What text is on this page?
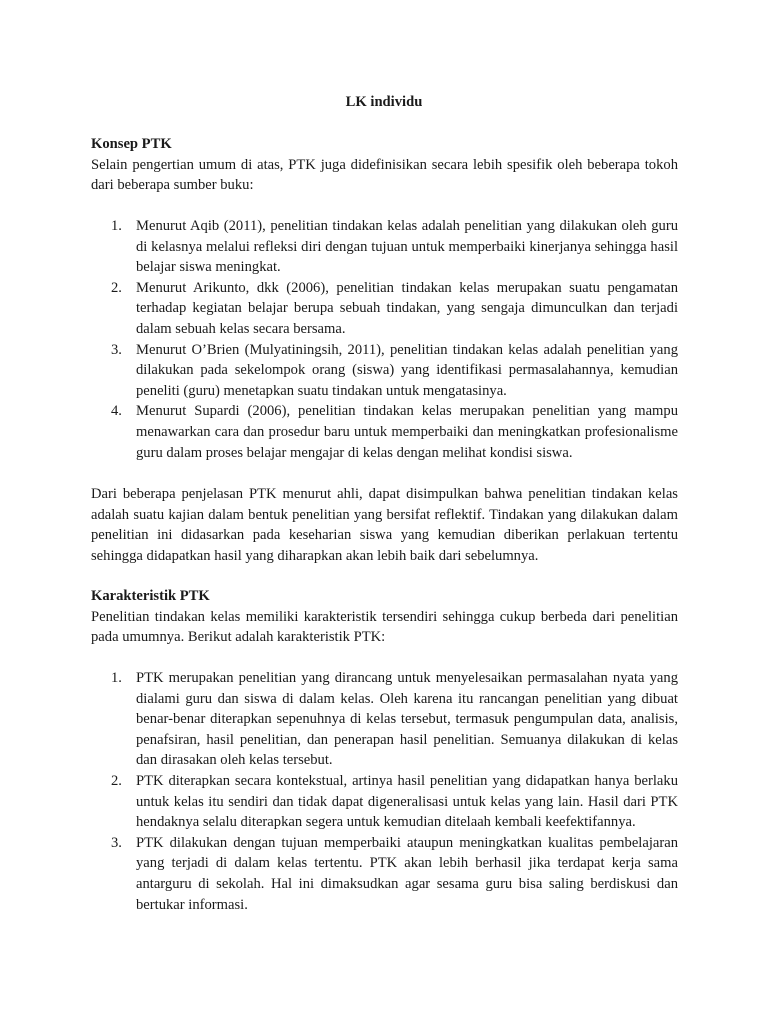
LK individu
Konsep PTK

Selain pengertian umum di atas, PTK juga didefinisikan secara lebih spesifik oleh beberapa tokoh dari beberapa sumber buku:

1. Menurut Aqib (2011), penelitian tindakan kelas adalah penelitian yang dilakukan oleh guru di kelasnya melalui refleksi diri dengan tujuan untuk memperbaiki kinerjanya sehingga hasil belajar siswa meningkat.
2. Menurut Arikunto, dkk (2006), penelitian tindakan kelas merupakan suatu pengamatan terhadap kegiatan belajar berupa sebuah tindakan, yang sengaja dimunculkan dan terjadi dalam sebuah kelas secara bersama.
3. Menurut O’Brien (Mulyatiningsih, 2011), penelitian tindakan kelas adalah penelitian yang dilakukan pada sekelompok orang (siswa) yang identifikasi permasalahannya, kemudian peneliti (guru) menetapkan suatu tindakan untuk mengatasinya.
4. Menurut Supardi (2006), penelitian tindakan kelas merupakan penelitian yang mampu menawarkan cara dan prosedur baru untuk memperbaiki dan meningkatkan profesionalisme guru dalam proses belajar mengajar di kelas dengan melihat kondisi siswa.

Dari beberapa penjelasan PTK menurut ahli, dapat disimpulkan bahwa penelitian tindakan kelas adalah suatu kajian dalam bentuk penelitian yang bersifat reflektif. Tindakan yang dilakukan dalam penelitian ini didasarkan pada keseharian siswa yang kemudian diberikan perlakuan tertentu sehingga didapatkan hasil yang diharapkan akan lebih baik dari sebelumnya.

Karakteristik PTK

Penelitian tindakan kelas memiliki karakteristik tersendiri sehingga cukup berbeda dari penelitian pada umumnya. Berikut adalah karakteristik PTK:

1. PTK merupakan penelitian yang dirancang untuk menyelesaikan permasalahan nyata yang dialami guru dan siswa di dalam kelas. Oleh karena itu rancangan penelitian yang dibuat benar-benar diterapkan sepenuhnya di kelas tersebut, termasuk pengumpulan data, analisis, penafsiran, hasil penelitian, dan penerapan hasil penelitian. Semuanya dilakukan di kelas dan dirasakan oleh kelas tersebut.
2. PTK diterapkan secara kontekstual, artinya hasil penelitian yang didapatkan hanya berlaku untuk kelas itu sendiri dan tidak dapat digeneralisasi untuk kelas yang lain. Hasil dari PTK hendaknya selalu diterapkan segera untuk kemudian ditelaah kembali keefektifannya.
3. PTK dilakukan dengan tujuan memperbaiki ataupun meningkatkan kualitas pembelajaran yang terjadi di dalam kelas tertentu. PTK akan lebih berhasil jika terdapat kerja sama antarguru di sekolah. Hal ini dimaksudkan agar sesama guru bisa saling berdiskusi dan bertukar informasi.
